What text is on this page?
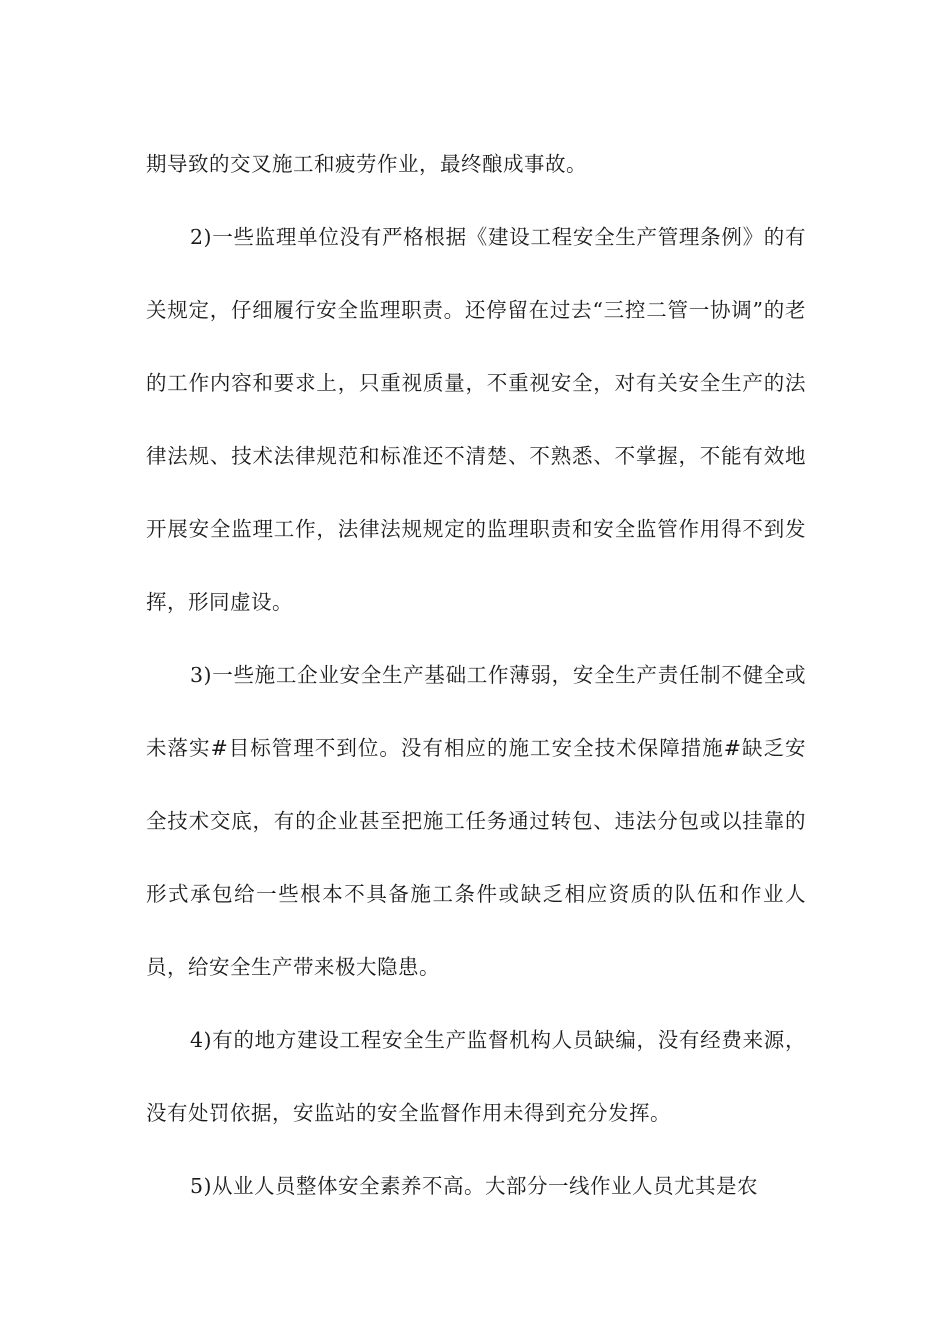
期导致的交叉施工和疲劳作业，最终酿成事故。

2)一些监理单位没有严格根据《建设工程安全生产管理条例》的有关规定，仔细履行安全监理职责。还停留在过去“三控二管一协调”的老的工作内容和要求上，只重视质量，不重视安全，对有关安全生产的法律法规、技术法律规范和标准还不清楚、不熟悉、不掌握，不能有效地开展安全监理工作，法律法规规定的监理职责和安全监管作用得不到发挥，形同虚设。

3)一些施工企业安全生产基础工作薄弱，安全生产责任制不健全或未落实#目标管理不到位。没有相应的施工安全技术保障措施#缺乏安全技术交底，有的企业甚至把施工任务通过转包、违法分包或以挂靠的形式承包给一些根本不具备施工条件或缺乏相应资质的队伍和作业人员，给安全生产带来极大隐患。

4)有的地方建设工程安全生产监督机构人员缺编，没有经费来源，没有处罚依据，安监站的安全监督作用未得到充分发挥。

5)从业人员整体安全素养不高。大部分一线作业人员尤其是农
